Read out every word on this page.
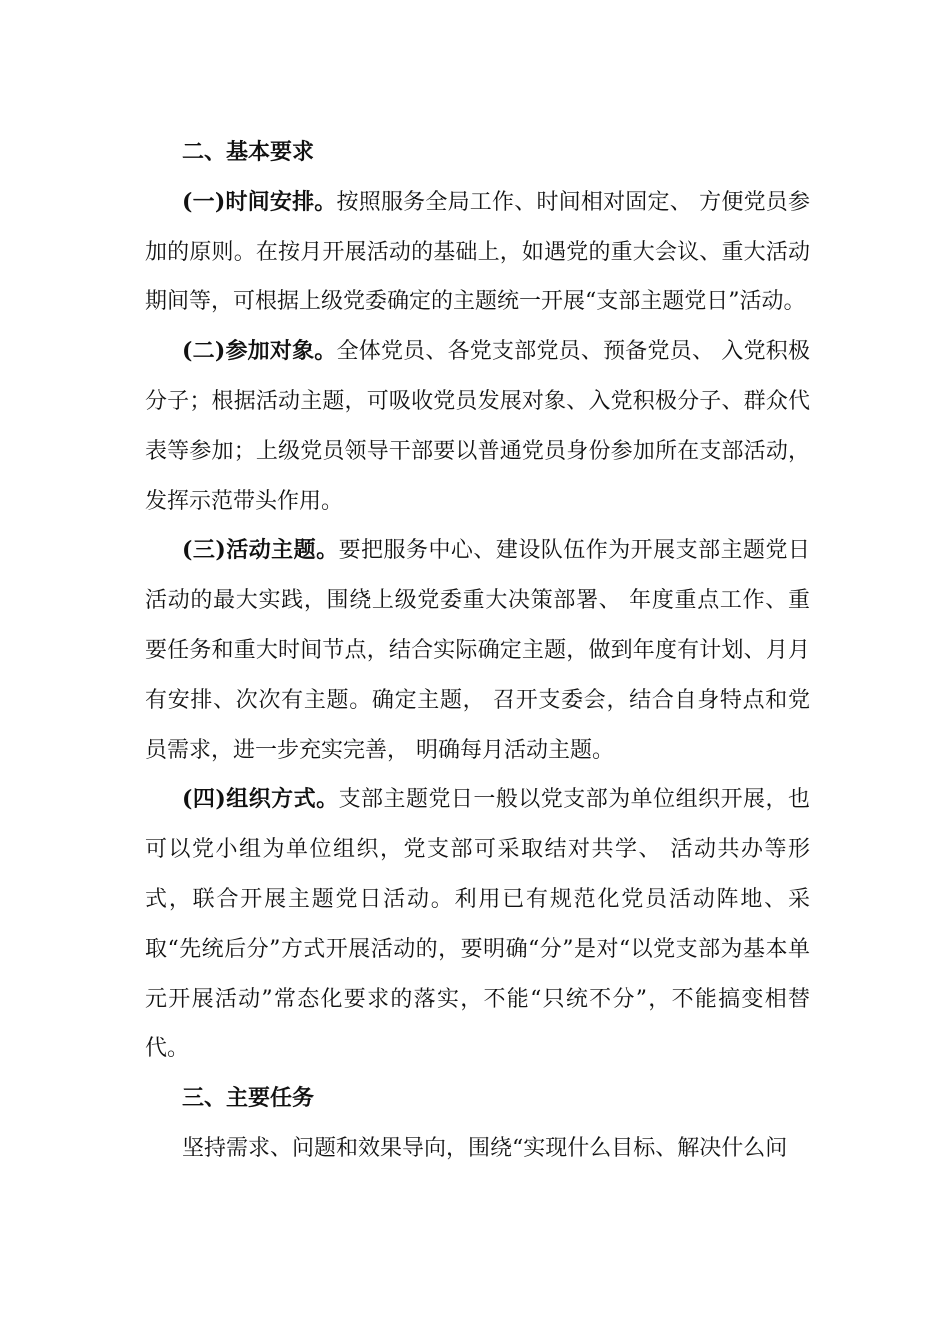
二、基本要求

(一)时间安排。按照服务全局工作、时间相对固定、 方便党员参加的原则。在按月开展活动的基础上，如遇党的重大会议、重大活动期间等，可根据上级党委确定的主题统一开展“支部主题党日”活动。

(二)参加对象。全体党员、各党支部党员、预备党员、 入党积极分子；根据活动主题，可吸收党员发展对象、入党积极分子、群众代表等参加；上级党员领导干部要以普通党员身份参加所在支部活动，发挥示范带头作用。

(三)活动主题。要把服务中心、建设队伍作为开展支部主题党日活动的最大实践，围绕上级党委重大决策部署、 年度重点工作、重要任务和重大时间节点，结合实际确定主题，做到年度有计划、月月有安排、次次有主题。确定主题， 召开支委会，结合自身特点和党员需求，进一步充实完善， 明确每月活动主题。

(四)组织方式。支部主题党日一般以党支部为单位组织开展，也可以党小组为单位组织，党支部可采取结对共学、 活动共办等形式，联合开展主题党日活动。利用已有规范化党员活动阵地、采取“先统后分”方式开展活动的，要明确“分”是对“以党支部为基本单元开展活动”常态化要求的落实，不能“只统不分”，不能搞变相替代。

三、主要任务

坚持需求、问题和效果导向，围绕“实现什么目标、解决什么问
